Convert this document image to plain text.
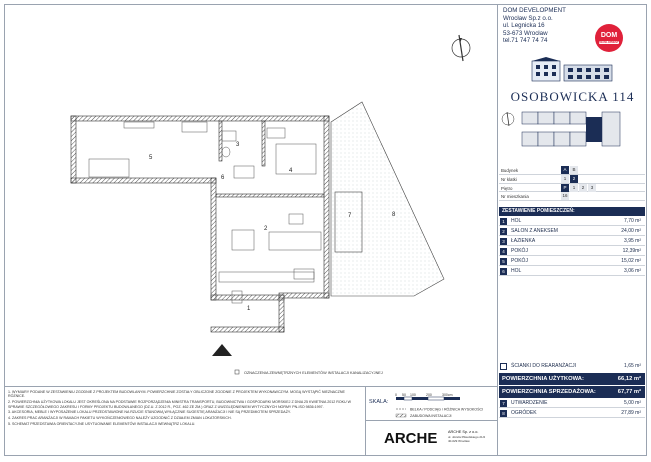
5
3
4
6
2
1
7	8
OZNACZENIA ZEWNĘTRZNYCH ELEMENTÓW INSTALACJI KANALIZACYJNEJ

1. WYMIARY PODANE W ZESTAWIENIU ZGODNIE Z PROJEKTEM BUDOWLANYM. POWIERZCHNIE ZOSTAŁY OBLICZONE ZGODNIE Z PROJEKTEM WYKONAWCZYM. MOGĄ WYSTĄPIĆ NIEZNACZNE RÓŻNICE.

2. POWIERZCHNIA UŻYTKOWA LOKALU JEST OKREŚLONA NA PODSTAWIE ROZPORZĄDZENIA MINISTRA TRANSPORTU, BUDOWNICTWA I GOSPODARKI MORSKIEJ Z DNIA 25 KWIETNIA 2012 ROKU W SPRAWIE SZCZEGÓŁOWEGO ZAKRESU I FORMY PROJEKTU BUDOWLANEGO (DZ.U. Z 2012 R., POZ. 462 ZE ZM.) ORAZ Z UWZGLĘDNIENIEM WYTYCZNYCH NORMY PN-ISO 9836:1997.

3. AKCESORIA, MEBLE I WYPOSAŻENIE LOKALU PRZEDSTAWIONE NA RZUCIE STANOWIĄ WYŁĄCZNIE SUGESTIĘ ARANŻACJI I NIE SĄ PRZEDMIOTEM SPRZEDAŻY.

4. ZAKRES PRAC ARANŻACJI W RAMACH PAKIETU WYKOŃCZENIOWEGO NALEŻY UZGODNIĆ Z DZIAŁEM ZMIAN LOKATORSKICH.

5. SCHEMAT PRZEDSTAWIA ORIENTACYJNE USYTUOWANIE ELEMENTÓW INSTALACJI WEWNĄTRZ LOKALU.

SKALA:
0 50 100	200	300cm
BELKA / PODCIĄG / RÓŻNICA WYSOKOŚCI
ZABUDOWA INSTALACJI
ARCHE	ARCHE Sp. z o.o.
ul. Józefa Piłsudskiego 21/2
40-029 Wrocław
DOM DEVELOPMENT
Wrocław Sp.z o.o.
ul. Legnicka 16
53-673 Wrocław
tel.71 747 74 74
DOM
DEVELOPMENT
OSOBOWICKA 114
Budynek	A	B
Nr klatki	1	2
Piętro	P	1	2	3
Nr mieszkania	16
ZESTAWIENIE POMIESZCZEŃ:
1	HOL	7,70 m²
2	SALON Z ANEKSEM	24,00 m²
3	ŁAZIENKA	3,95 m²
4	POKÓJ	12,39m²
5	POKÓJ	15,02 m²
6	HOL	3,06 m²
ŚCIANKI DO REARANŻACJI	1,65 m²
POWIERZCHNIA UŻYTKOWA:	66,12 m²
POWIERZCHNIA SPRZEDAŻOWA:	67,77 m²
7	UTWARDZENIE	5,00 m²
8	OGRÓDEK	27,89 m²
